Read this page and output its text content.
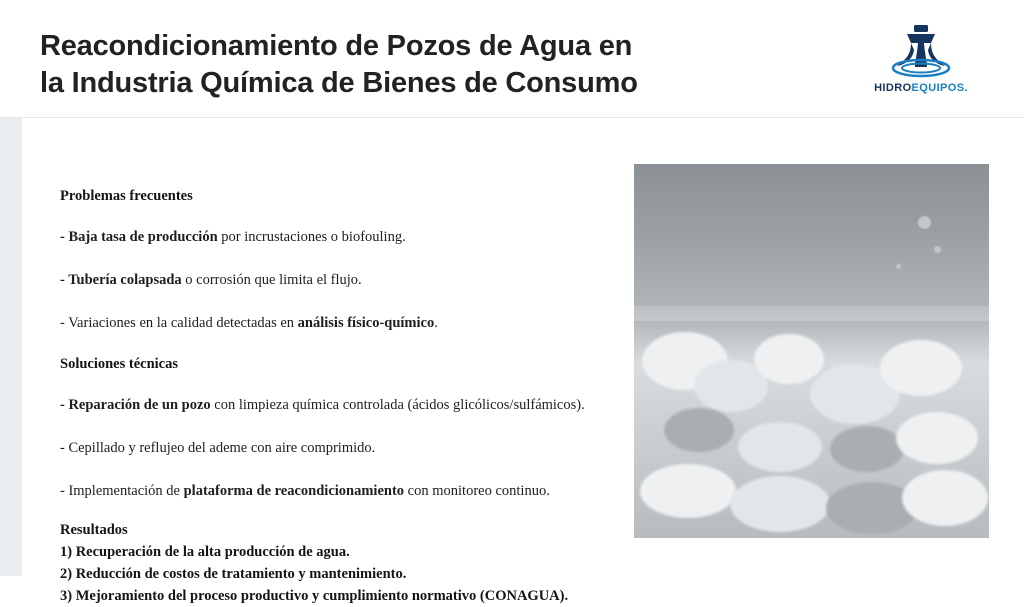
Reacondicionamiento de Pozos de Agua en
la Industria Química de Bienes de Consumo	HIDROEQUIPOS.

Problemas frecuentes

- Baja tasa de producción por incrustaciones o biofouling.

- Tubería colapsada o corrosión que limita el flujo.

- Variaciones en la calidad detectadas en análisis físico-químico.

Soluciones técnicas

- Reparación de un pozo con limpieza química controlada (ácidos glicólicos/sulfámicos).

- Cepillado y reflujeo del ademe con aire comprimido.

- Implementación de plataforma de reacondicionamiento con monitoreo continuo.

Resultados

1) Recuperación de la alta producción de agua.

2) Reducción de costos de tratamiento y mantenimiento.

3) Mejoramiento del proceso productivo y cumplimiento normativo (CONAGUA).
